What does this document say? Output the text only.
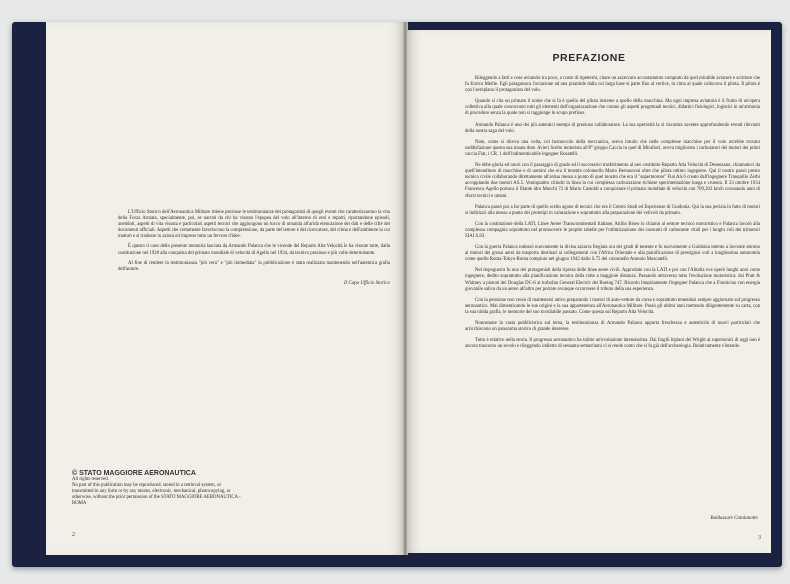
L'Ufficio Storico dell'Aeronautica Militare ritiene preziose le testimonianze dei protagonisti di quegli eventi che caratterizzarono la vita della Forza Armata, specialmente, poi, se narrati da chi ha vissuto l'epopea del volo all'interno di enti e reparti, riportandone episodi, aneddoti, aspetti di vita vissuta e particolari aspetti tecnici che aggiungono un tocco di umanità all'arida elencazione dei dati e delle cifre dei documenti ufficiali. Aspetti che certamente favoriscono la comprensione, da parte del lettore e del ricercatore, del clima e dell'ambiente in cui maturò e si tradusse in azioni ed imprese tutto un fervore d'idee.

È questo il caso della presente memoria lasciata da Armando Palanca che le vicende del Reparto Alta Velocità le ha vissute tutte, dalla costituzione nel 1928 alla conquista del primato mondiale di velocità di Agello nel 1934, da tecnico prezioso e più volte determinante.

Al fine di rendere la testimonianza "più vera" e "più immediata" la pubblicazione è stata realizzata mantenendo nell'autentica grafia dell'autore.

Il Capo Ufficio Storico
© STATO MAGGIORE AERONAUTICA

All rights reserved.

No part of this publication may be reproduced, stored in a retrieval system, or transmitted in any form or by any means, electronic, mechanical, photocopying, or otherwise, without the prior permission of the STATO MAGGIORE AERONAUTICA - ROMA

2
PREFAZIONE

Rileggendo a fatti e cose aviatorie tra poco, a costo di ripetermi, citare un azzeccato accostamento compiuto da quel mirabile aviatore e scrittore che fu Enrico Meille. Egli paragonava l'aviazione ad una piramide dalla cui larga base si parte fino al vertice, in cima al quale collocava il pilota. Il pilota è con l'aeroplano il protagonista del volo.

Quando si cita un primato il nome che si fa è quello del pilota insieme a quello della macchina. Ma ogni impresa aviatoria è il frutto di un'opera collettiva alla quale concorrono tutti gli elementi dell'organizzazione che curano gli aspetti progettuali tecnici, didattici fisiologici, logistici in un'armonia di procedure senza la quale non si raggiunge lo scopo prefisso.

Armando Palanca è uno dei più autentici esempi di prezioso collaboratore. La sua operosità la si riscontra sovente approfondendo eventi rilevanti della nostra saga del volo.

Nato, come si diceva una volta, col bernoccolo della meccanica, aveva intuito che nelle complesse macchine per il volo avrebbe trovato soddisfazione questa sua innata dote. Avieri Scelto motorista all'8° gruppo Caccia in quel di Mirafiori, aveva migliorato i carburatori dei motori dei primi caccia Fiat, i CR. 1 dell'indimenticabile ingegner Rosatelli.

Ne ebbe gloria ed onori con il passaggio di grado ed il successivo trasferimento al neo costituito Reparto Alta Velocità di Desenzano, chiamatovi da quell'intenditore di macchine e di uomini che era il tenente colonnello Mario Bernasconi oltre che pilota ottimo ingegnere. Qui il nostro passò presto tecnico civile collaborando direttamente all'ardua messa a punto di quel mostro che era il "supermotore" Fiat AS.6 creato dall'ingegnere Tranquillo Zerbi accoppiando due motori AS.5. Ventiquattro cilindri in linea la cui complessa carburazione richiese sperimentazione lunga e cruenta. Il 23 ottobre 1934 Francesco Agello portava il filante idro Macchi 72 di Mario Castoldi a conquistare il primato mondiale di velocità con 709,202 km/h coronando anni di sforzi tecnici e umani.

Palanca passò poi a far parte di quello scelto agone di tecnici che era il Centro Studi ed Esperienze di Guidonia. Qui la sua perizia in fatto di motori si indirizzò alla messa a punto dei prototipi in valutazione e soprattutto alla preparazione dei velivoli da primato.

Con la costituzione della LATI, Linee Aeree Transcontinentali Italiane, Attilio Biseo lo chiamò al settore tecnico motoristico e Palanca lavorò alla complessa compagnia soprattutto nel promuovere le proprie tabelle per l'ottimizzazione dei consumi di carburante vitali per i lunghi voli dei trimotori SIAI S.83.

Con la guerra Palanca indossò nuovamente la divisa azzurra fregiata ora dei gradi di tenente e fu nuovamente a Guidonia intento a lavorare attorno ai motori dei grossi aerei da trasporto destinati ai collegamenti con l'Africa Orientale e alla pianificazione di prestigiosi voli a lunghissima autonomia come quello Roma-Tokyo-Roma compiuto nel giugno 1942 dallo S.75 del colonnello Antonio Moscatelli.

Nel dopoguerra fu uno dei protagonisti della ripresa delle linee aeree civili. Approdato con la LATI e poi con l'Alitalia ove operò lunghi anni come ingegnere, dedito soprattutto alla pianificazione tecnica della rotte a maggiore distanza. Passando attraverso tutta l'evoluzione motoristica: dai Pratt & Whitney a pistoni dei Douglas DC-6 ai turbofan General Electric dei Boeing 747. Ricordo limpidamente l'ingegner Palanca che a Fiumicino con energia giovanile saliva da un aereo all'altro per portare ovunque occorresse il tributo della sua esperienza.

Con la pensione non cessò di mantenersi attivo preparando i motori di auto-vetture da corsa e soprattutto tenendosi sempre aggiornato sul progresso aeronautico. Mai dimenticando le sue origini e la sua appartenenza all'Aeronautica Militare. Passò gli ultimi anni mettendo diligentemente su carta, con la sua nitida grafia, le memorie del suo invidiabile passato. Come questa sul Reparto Alta Velocità.

Nonostante la vasta pubblicistica sul tema, la testimonianza di Armando Palanca apporta freschezza e autenticità di nuovi particolari che arricchiscono un panorama storico di grande interesse.

Tutto è relativo nella storia. Il progresso aeronautico ha subito un'evoluzione intensissima. Dai fragili biplani dei Wright ai supersonici di oggi non è ancora trascorso un secolo e rileggendo indietro di sessanta-settant'anni ci si rende conto che si fa già dell'archeologia. Relativamente s'intende.

Baldassare Catalanotto
3
